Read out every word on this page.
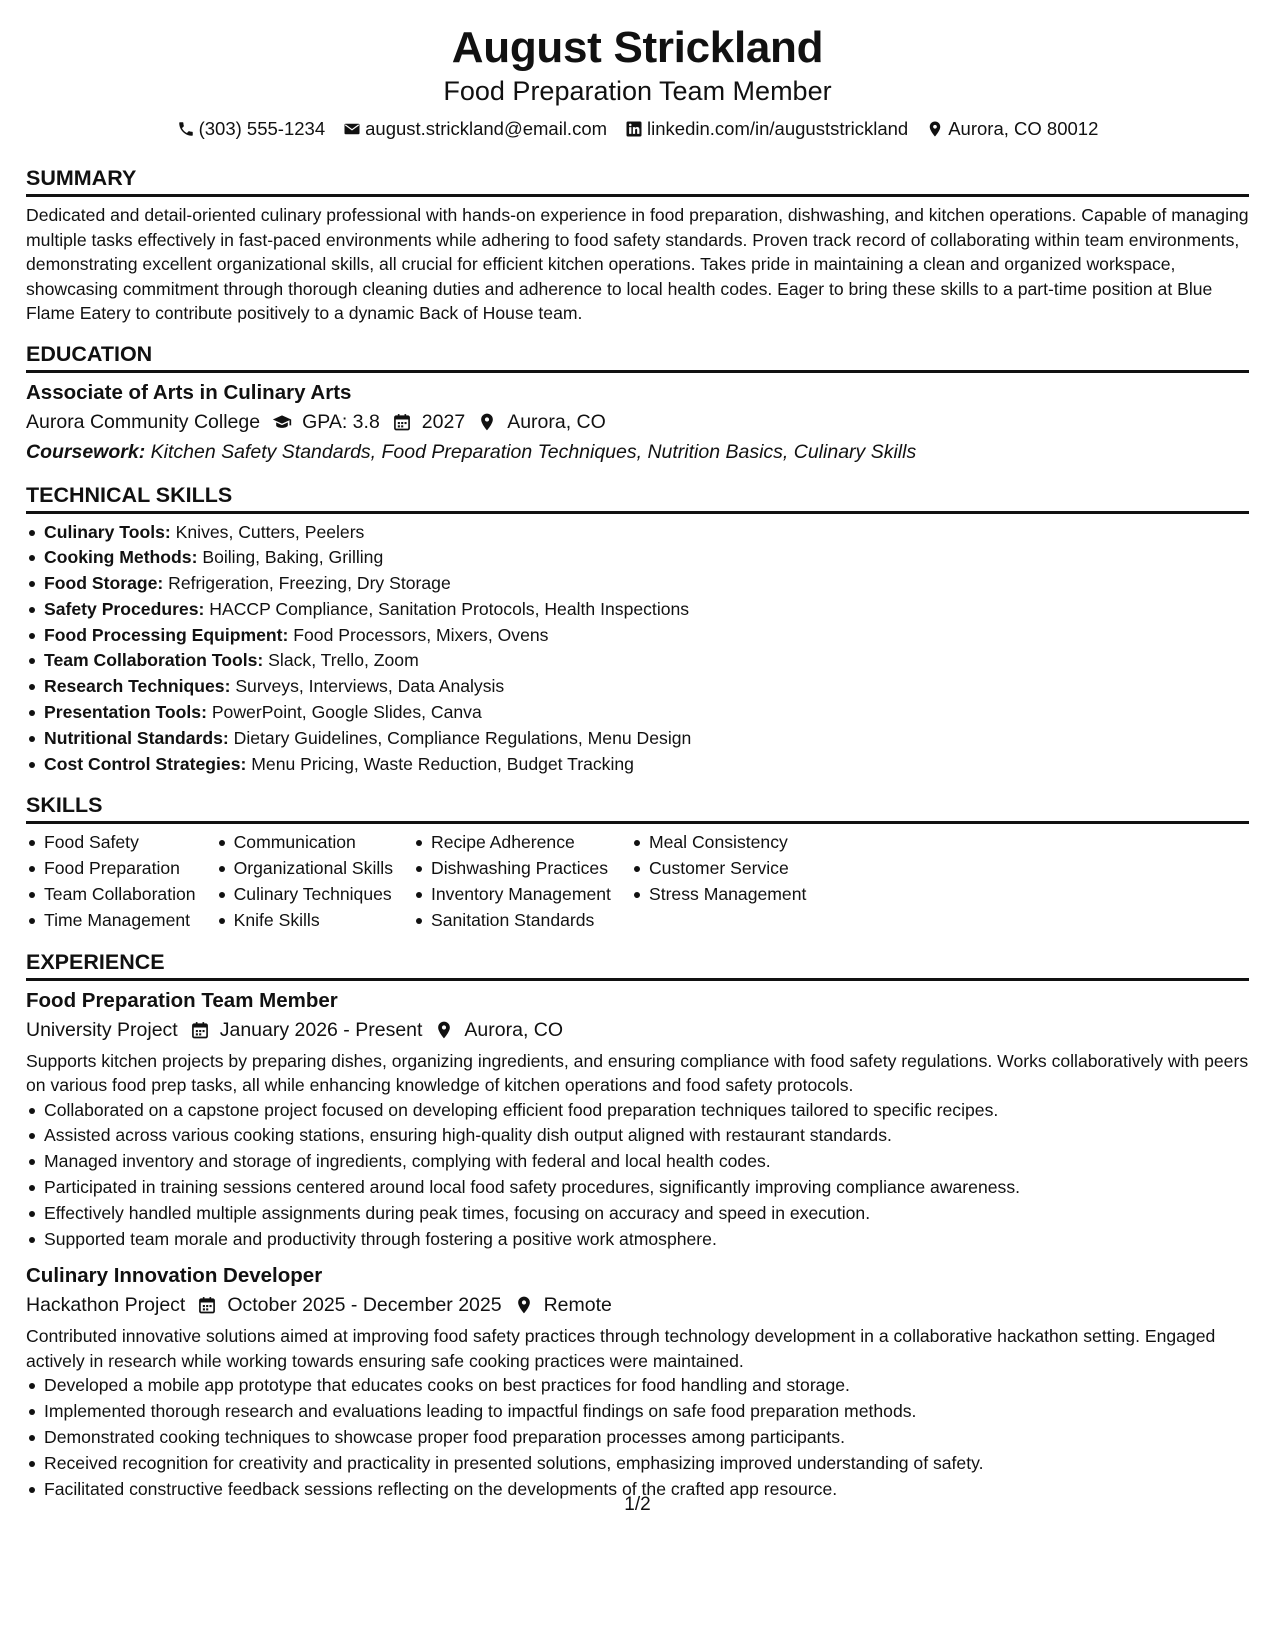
August Strickland
Food Preparation Team Member
(303) 555-1234 august.strickland@email.com linkedin.com/in/auguststrickland Aurora, CO 80012
SUMMARY
Dedicated and detail-oriented culinary professional with hands-on experience in food preparation, dishwashing, and kitchen operations. Capable of managing multiple tasks effectively in fast-paced environments while adhering to food safety standards. Proven track record of collaborating within team environments, demonstrating excellent organizational skills, all crucial for efficient kitchen operations. Takes pride in maintaining a clean and organized workspace, showcasing commitment through thorough cleaning duties and adherence to local health codes. Eager to bring these skills to a part-time position at Blue Flame Eatery to contribute positively to a dynamic Back of House team.
EDUCATION
Associate of Arts in Culinary Arts
Aurora Community College GPA: 3.8 2027 Aurora, CO
Coursework: Kitchen Safety Standards, Food Preparation Techniques, Nutrition Basics, Culinary Skills
TECHNICAL SKILLS
Culinary Tools: Knives, Cutters, Peelers
Cooking Methods: Boiling, Baking, Grilling
Food Storage: Refrigeration, Freezing, Dry Storage
Safety Procedures: HACCP Compliance, Sanitation Protocols, Health Inspections
Food Processing Equipment: Food Processors, Mixers, Ovens
Team Collaboration Tools: Slack, Trello, Zoom
Research Techniques: Surveys, Interviews, Data Analysis
Presentation Tools: PowerPoint, Google Slides, Canva
Nutritional Standards: Dietary Guidelines, Compliance Regulations, Menu Design
Cost Control Strategies: Menu Pricing, Waste Reduction, Budget Tracking
SKILLS
Food Safety
Food Preparation
Team Collaboration
Time Management
Communication
Organizational Skills
Culinary Techniques
Knife Skills
Recipe Adherence
Dishwashing Practices
Inventory Management
Sanitation Standards
Meal Consistency
Customer Service
Stress Management
EXPERIENCE
Food Preparation Team Member
University Project January 2026 - Present Aurora, CO
Supports kitchen projects by preparing dishes, organizing ingredients, and ensuring compliance with food safety regulations. Works collaboratively with peers on various food prep tasks, all while enhancing knowledge of kitchen operations and food safety protocols.
Collaborated on a capstone project focused on developing efficient food preparation techniques tailored to specific recipes.
Assisted across various cooking stations, ensuring high-quality dish output aligned with restaurant standards.
Managed inventory and storage of ingredients, complying with federal and local health codes.
Participated in training sessions centered around local food safety procedures, significantly improving compliance awareness.
Effectively handled multiple assignments during peak times, focusing on accuracy and speed in execution.
Supported team morale and productivity through fostering a positive work atmosphere.
Culinary Innovation Developer
Hackathon Project October 2025 - December 2025 Remote
Contributed innovative solutions aimed at improving food safety practices through technology development in a collaborative hackathon setting. Engaged actively in research while working towards ensuring safe cooking practices were maintained.
Developed a mobile app prototype that educates cooks on best practices for food handling and storage.
Implemented thorough research and evaluations leading to impactful findings on safe food preparation methods.
Demonstrated cooking techniques to showcase proper food preparation processes among participants.
Received recognition for creativity and practicality in presented solutions, emphasizing improved understanding of safety.
Facilitated constructive feedback sessions reflecting on the developments of the crafted app resource.
1/2
